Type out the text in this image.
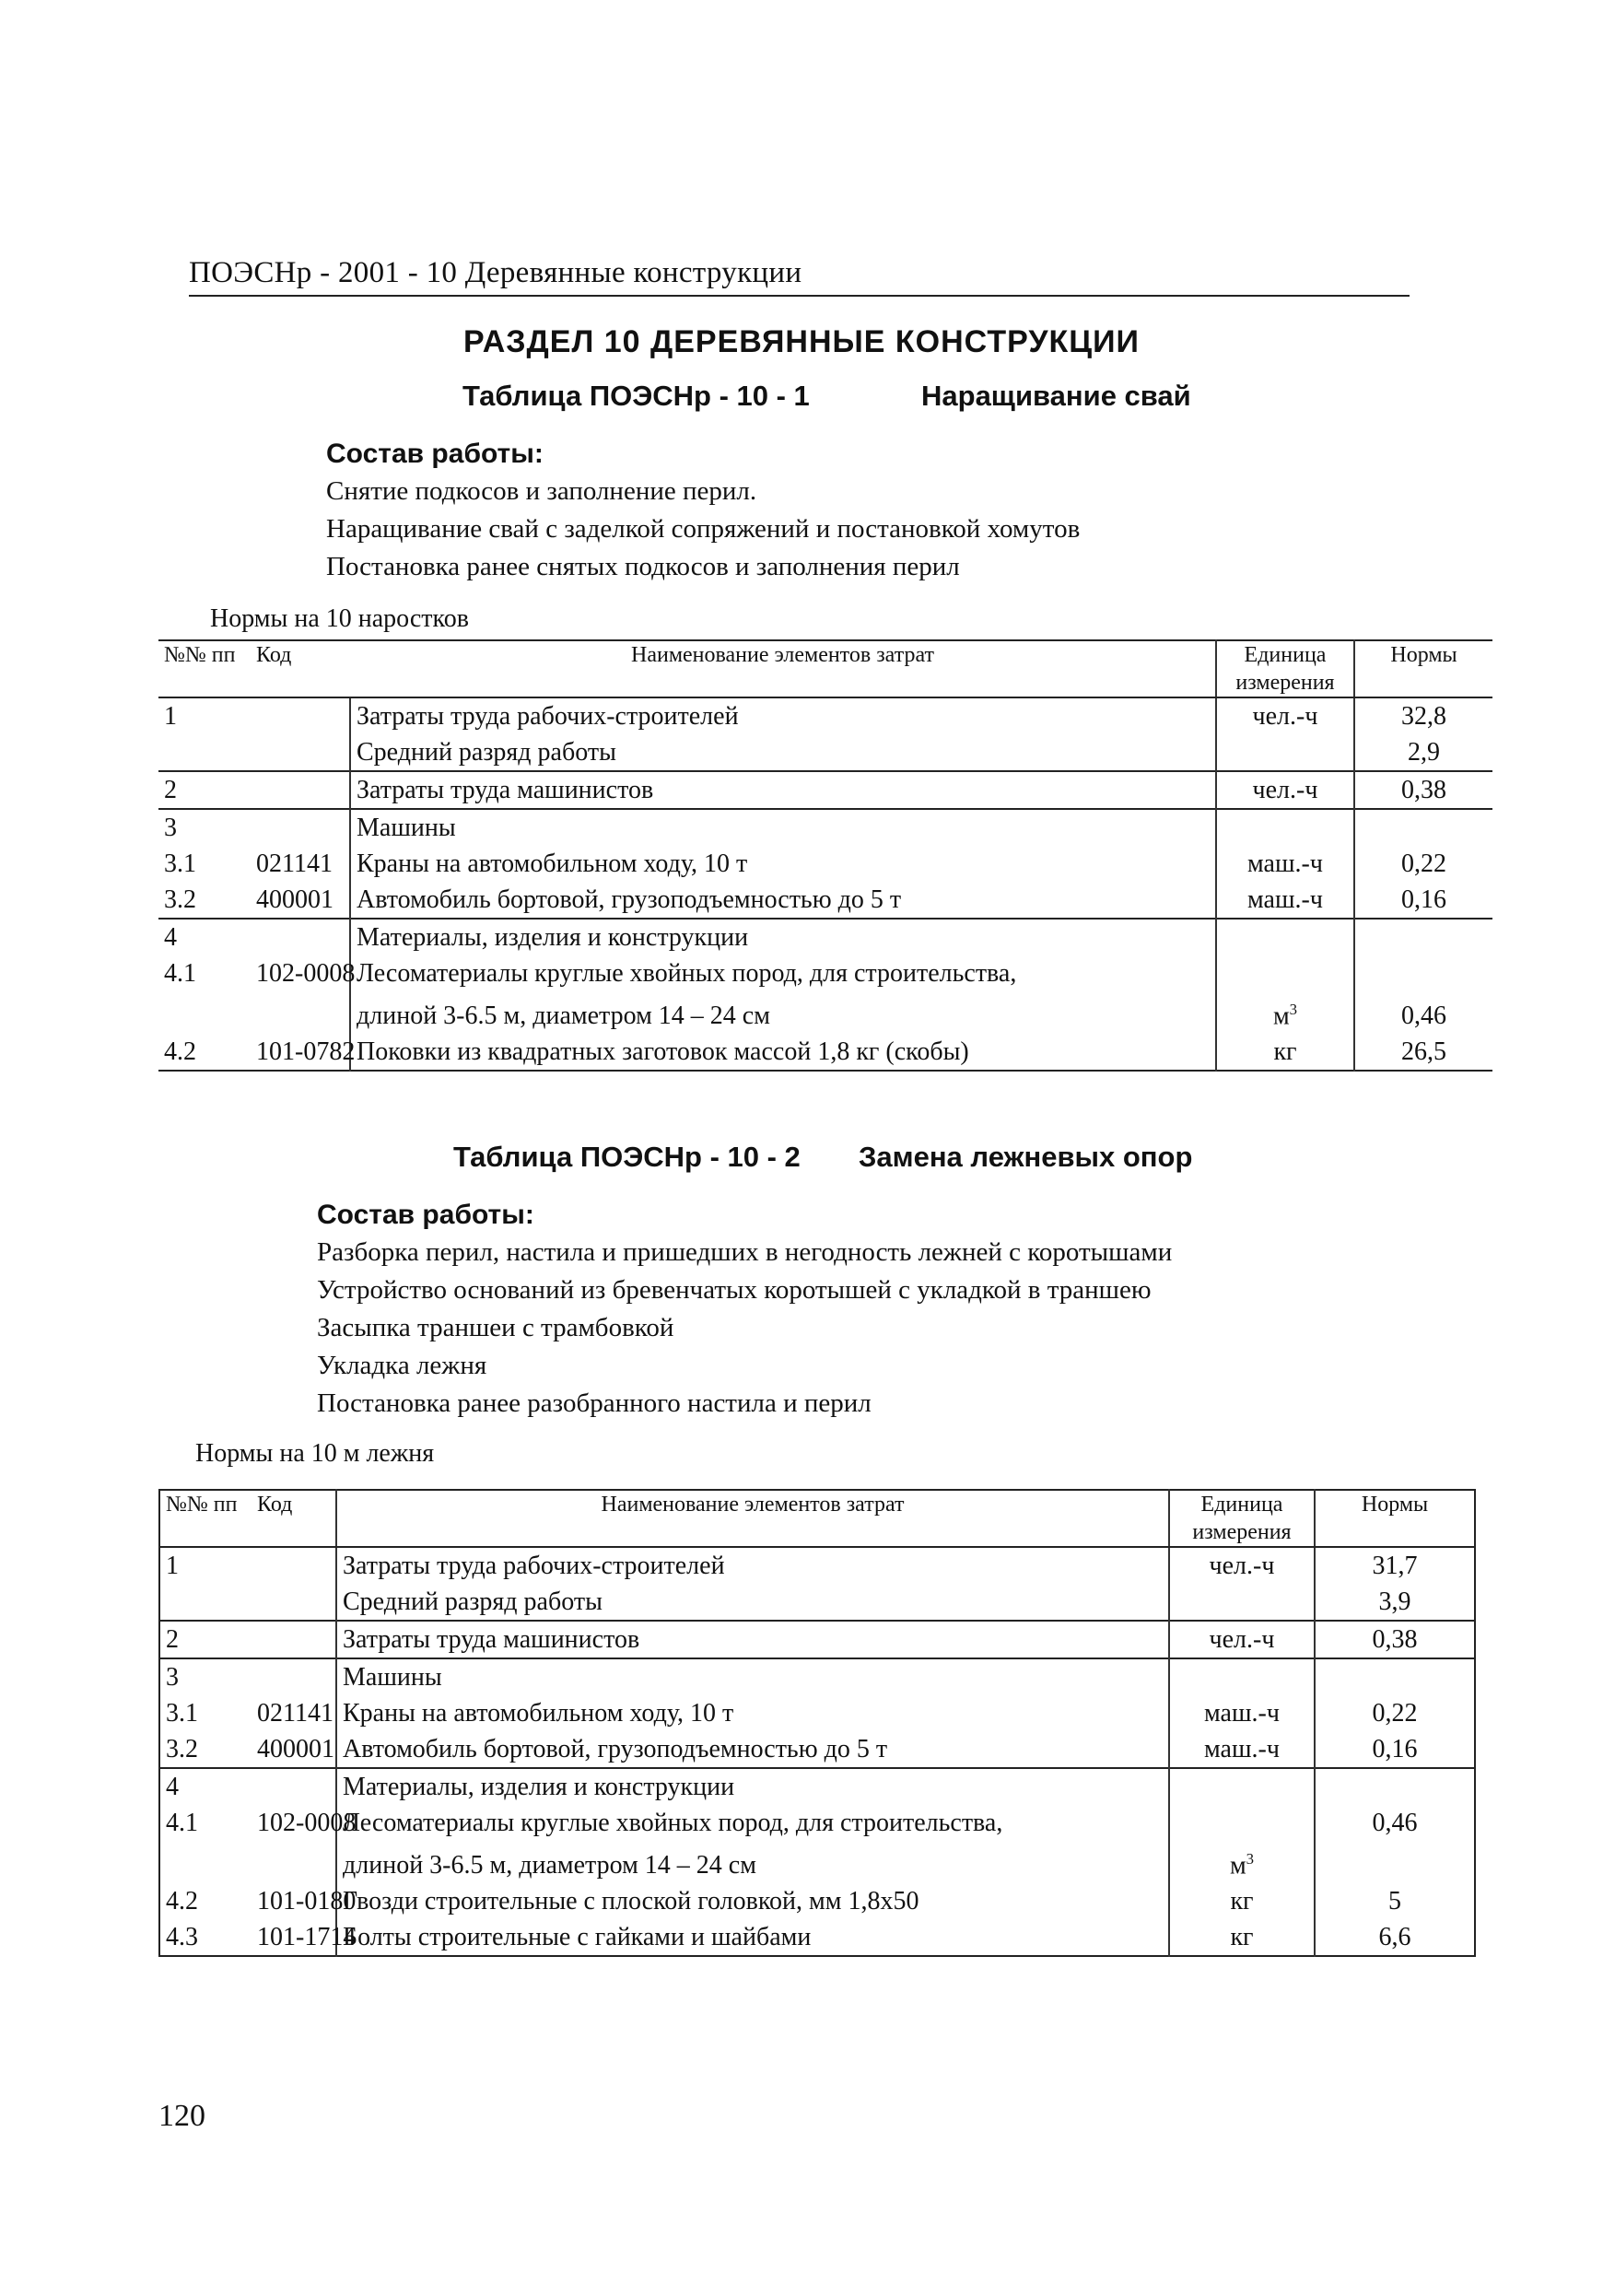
ПОЭСНр - 2001 - 10 Деревянные конструкции
РАЗДЕЛ 10 ДЕРЕВЯННЫЕ КОНСТРУКЦИИ
Таблица ПОЭСНр - 10 - 1	Наращивание свай
Состав работы:
Снятие подкосов и заполнение перил.
Наращивание свай с заделкой сопряжений и постановкой хомутов
Постановка ранее снятых подкосов и заполнения перил
Нормы на 10 наростков
№№ пп	Код	Наименование элементов затрат	Единица измерения	Нормы
1		Затраты труда рабочих-строителей	чел.-ч	32,8
		Средний разряд работы		2,9
2		Затраты труда машинистов	чел.-ч	0,38
3		Машины		
3.1	021141	Краны на автомобильном ходу, 10 т	маш.-ч	0,22
3.2	400001	Автомобиль бортовой, грузоподъемностью до 5 т	маш.-ч	0,16
4		Материалы, изделия и конструкции		
4.1	102-0008	Лесоматериалы круглые хвойных пород, для строительства,		
		длиной 3-6.5 м, диаметром 14 – 24 см	$м^3$	0,46
4.2	101-0782	Поковки из квадратных заготовок массой 1,8 кг (скобы)	кг	26,5
Таблица ПОЭСНр - 10 - 2 Замена лежневых опор
Состав работы:
Разборка перил, настила и пришедших в негодность лежней с коротышами
Устройство оснований из бревенчатых коротышей с укладкой в траншею
Засыпка траншеи с трамбовкой
Укладка лежня
Постановка ранее разобранного настила и перил
Нормы на 10 м лежня
№№ пп	Код	Наименование элементов затрат	Единица измерения	Нормы
1		Затраты труда рабочих-строителей	чел.-ч	31,7
		Средний разряд работы		3,9
2		Затраты труда машинистов	чел.-ч	0,38
3		Машины		
3.1	021141	Краны на автомобильном ходу, 10 т	маш.-ч	0,22
3.2	400001	Автомобиль бортовой, грузоподъемностью до 5 т	маш.-ч	0,16
4		Материалы, изделия и конструкции		
4.1	102-0008	Лесоматериалы круглые хвойных пород, для строительства,		0,46
		длиной 3-6.5 м, диаметром 14 – 24 см	$м^3$	
4.2	101-0180	Гвозди строительные с плоской головкой, мм 1,8х50	кг	5
4.3	101-1714	Болты строительные с гайками и шайбами	кг	6,6
120
